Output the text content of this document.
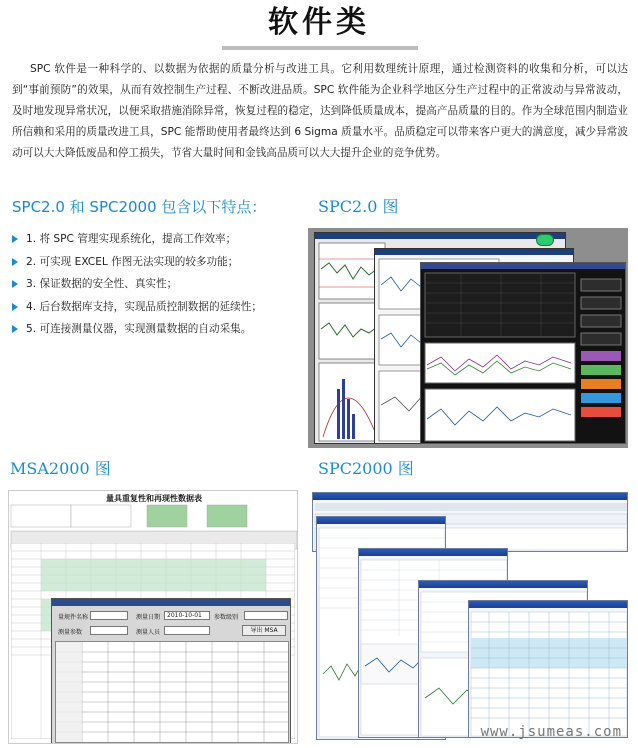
软件类

SPC 软件是一种科学的、以数据为依据的质量分析与改进工具。它利用数理统计原理，通过检测资料的收集和分析，可以达到“事前预防”的效果，从而有效控制生产过程、不断改进品质。SPC 软件能为企业科学地区分生产过程中的正常波动与异常波动，及时地发现异常状况，以便采取措施消除异常，恢复过程的稳定，达到降低质量成本，提高产品质量的目的。作为全球范围内制造业所信赖和采用的质量改进工具，SPC 能帮助使用者最终达到 6 Sigma 质量水平。品质稳定可以带来客户更大的满意度，减少异常波动可以大大降低废品和停工损失，节省大量时间和金钱高品质可以大大提升企业的竞争优势。

SPC2.0 和 SPC2000 包含以下特点：
1. 将 SPC 管理实现系统化，提高工作效率；
2. 可实现 EXCEL 作图无法实现的较多功能；
3. 保证数据的安全性、真实性；
4. 后台数据库支持，实现品质控制数据的延续性；
5. 可连接测量仪器，实现测量数据的自动采集。
SPC2.0 图
MSA2000 图	SPC2000 图
量具重复性和再现性数据表
量规件名称	测量日期	2010-10-01	参数级别
测量参数	测量人员	导出 MSA
www.jsumeas.com
